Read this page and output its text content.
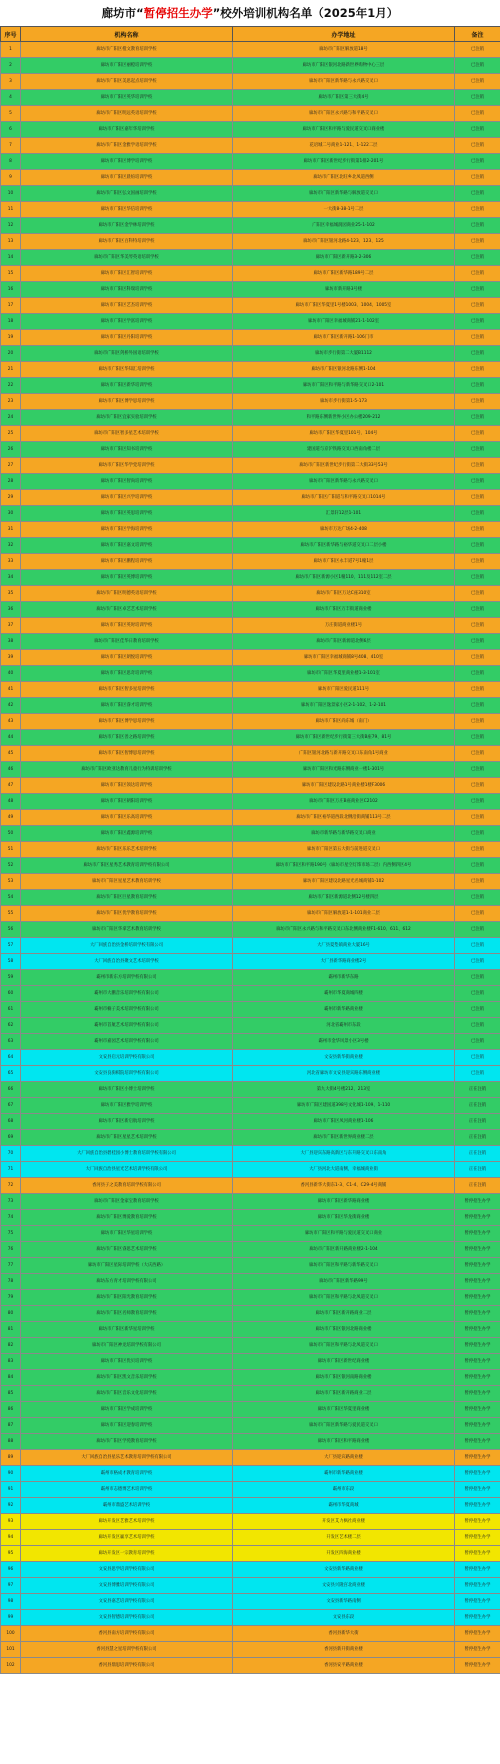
廊坊市“ 暂停招生办学 ”校外培训机构名单（2025年1月）
序号	机构名称	办学地址	备注
1	廊坊市广阳区橙文教育培训学校	廊坊市广阳区解放道18号	已注销
2	廊坊市广阳区丽橙培训学校	廊坊市广阳区银河北路新世界购物中心三层	已注销
3	廊坊市广阳区美思起点培训学校	廊坊市广阳区新华路与永兴路交叉口	已注销
4	廊坊市广阳区英华培训学校	廊坊市广阳区第三大街4号	已注销
5	廊坊市广阳区明远英语培训学校	廊坊市广阳区永兴路与和平路交叉口	已注销
6	廊坊市广阳区嘉年华培训学校	廊坊市广阳区和平路与爱民道交叉口商业楼	已注销
7	廊坊市广阳区金雅学语培训学校	花语城二号商业1-121、1-122二层	已注销
8	廊坊市广阳区博学培训学校	廊坊市广阳区新世纪步行街第1排2-201号	已注销
9	廊坊市广阳区晨煊培训学校	廊坊市广阳区北旺乡北凤道西侧	已注销
10	廊坊市广阳区弘文国画培训学校	廊坊市广阳区新华路与解放道交叉口	已注销
11	廊坊市广阳区华信培训学校	一大街8-38-1号二层	已注销
12	廊坊市广阳区金学林培训学校	广阳区幸福城润园商业25-1-102	已注销
13	廊坊市广阳区百科特培训学校	廊坊市广阳区银河北路4-123、123、125	已注销
14	廊坊市广阳区华美琴英语培训学校	廊坊市广阳区新开路3-2-306	已注销
15	廊坊市广阳区汇智培训学校	廊坊市广阳区新华路189号二层	已注销
16	廊坊市广阳区科瑞培训学校	廊坊市新开路3号楼	已注销
17	廊坊市广阳区艺杰培训学校	廊坊市广阳区华夏里1号楼1003、1004、1005室	已注销
18	廊坊市广阳区学富培训学校	廊坊市广阳区幸福城商铺21-1-102室	已注销
19	廊坊市广阳区丹阳培训学校	廊坊市广阳区新开路1-106门市	已注销
20	廊坊市广阳区剑桥外国语培训学校	廊坊市步行街第二大厦B1112	已注销
21	廊坊市广阳区华知汇培训学校	廊坊市广阳区银河北路东侧1-104	已注销
22	廊坊市广阳区新华培训学校	廊坊市广阳区和平路与新华路交叉口2-101	已注销
23	廊坊市广阳区博学思培训学校	廊坊市步行街第1-5-173	已注销
24	廊坊市广阳区宜家实验培训学校	和平路东侧新世界小区办公楼209-212	已注销
25	廊坊市广阳区智多星艺术培训学校	廊坊市广阳区华夏里101号、104号	已注销
26	廊坊市广阳区知书培训学校	建国道与京沪铁路交叉口西南角楼二层	已注销
27	廊坊市广阳区华学党培训学校	廊坊市广阳区新世纪步行街第二大街33号53号	已注销
28	廊坊市广阳区智尚培训学校	廊坊市广阳区新华路与永兴路交叉口	已注销
29	廊坊市广阳区兴学培训学校	廊坊市广阳区广阳道与和平路交叉口1014号	已注销
30	廊坊市广阳区英思培训学校	汇景轩12层1-101	已注销
31	廊坊市广阳区学海培训学校	廊坊市万达广场4-2-408	已注销
32	廊坊市广阳区嘉文培训学校	廊坊市广阳区新华路与裕华道交叉口二层小楼	已注销
33	廊坊市广阳区鹏程培训学校	廊坊市广阳区永丰道7号1幢1层	已注销
34	廊坊市广阳区英博培训学校	廊坊市广阳区新源小区1幢110、111及112室二层	已注销
35	廊坊市广阳区明德英语培训学校	廊坊市广阳区万达C座310室	已注销
36	廊坊市广阳区卓艺艺术培训学校	廊坊市广阳区万丰街道商业楼	已注销
37	廊坊市广阳区英时培训学校	万庄街道商业楼1号	已注销
38	廊坊市广阳区佳华日教育培训学校	廊坊市广阳区新源道北侧6层	已注销
39	廊坊市广阳区朗悦培训学校	廊坊市广阳区幸福城商铺8号408、410室	已注销
40	廊坊市广阳区思奇培训学校	廊坊市广阳区华夏里商业楼1-3-101室	已注销
41	廊坊市广阳区智多星培训学校	廊坊市广阳区爱民道111号	已注销
42	廊坊市广阳区睿才培训学校	廊坊市广阳区逸景家小区2-1-102、1-2-101	已注销
43	廊坊市广阳区博学思培训学校	廊坊市广阳区尚东城（南门）	已注销
44	廊坊市广阳区善之路培训学校	廊坊市广阳区新世纪步行街第三大街B座79、81号	已注销
45	廊坊市广阳区智博思培训学校	广阳区银河北路与新开路交叉口东南角1号商业	已注销
46	廊坊市广阳区欧亚达教育儿童行为特训培训学校	廊坊市广阳区和光路东侧商业一楼1-301号	已注销
47	廊坊市广阳区领达培训学校	廊坊市广阳区建设北路1号商业楼1楼F3006	已注销
48	廊坊市广阳区朝阳培训学校	廊坊市广阳区万庄B座商业区C2102	已注销
49	廊坊市广阳区乐高培训学校	廊坊市广阳区裕华道西段北侧沿街商铺113号二层	已注销
50	廊坊市广阳区鑫源培训学校	廊坊市新华路与新华路交叉口商业	已注销
51	廊坊市广阳区乐乐艺术培训学校	廊坊市广阳区第五大街与前进道交叉口	已注销
52	廊坊市广阳区星秀艺术教育培训学校有限公司	廊坊市广阳区和平路190号（廊坊市星空灯饰市场二层）内西侧四区4号	已注销
53	廊坊市广阳区星星艺术教育培训学校	廊坊市广阳区建设北路星光名城商铺1-102	已注销
54	廊坊市广阳区巨星教育培训学校	廊坊市广阳区新源道北侧12号楼四层	已注销
55	廊坊市广阳区优学教育培训学校	廊坊市广阳区解放道1-1-101商业二层	已注销
56	廊坊市广阳区华拿艺术教育培训学校	廊坊市广阳区永兴路与和平路交叉口东北侧商业楼F1-610、611、612	已注销
57	大厂回族自治县金桥培训学校有限公司	大厂县夏垫镇商业大厦16号	已注销
58	大厂回族自治县聚文艺术培训学校	大厂县新华路商业楼2号	已注销
59	霸州市新东方培训学校有限公司	霸州市新华东路	已注销
60	霸州市大鹏音乐培训学校有限公司	霸州市华夏商城四楼	已注销
61	霸州市楠子美术培训学校有限公司	霸州市新华路商业楼	已注销
62	霸州市首航艺术培训学校有限公司	河北省霸州市东段	已注销
63	霸州市嘉园艺术培训学校有限公司	霸州市金华风景小区3号楼	已注销
64	文安县启元培训学校有限公司	文安县新华街商业楼	已注销
65	文安县良驹棋院培训学校有限公司	河北省廊坊市文安县迎宾路东侧商业楼	已注销
66	廊坊市广阳区小博士培训学校	第九大街4号楼212、213室	正在注销
67	廊坊市广阳区雅学培训学校	廊坊市广阳区建国道398号文化城1-109、1-110	正在注销
68	廊坊市广阳区新启航培训学校	廊坊市广阳区凤河商业楼1-106	正在注销
69	廊坊市广阳区星星艺术培训学校	廊坊市广阳区新世界商业楼二层	正在注销
70	大厂回族自治县碧桂园小博士教育培训学校有限公司	大厂县迎宾东路高新区与东升路交叉口东南角	正在注销
71	大厂回族自治县星光艺术培训学校有限公司	大厂县河北大道南侧，幸福城商业街	正在注销
72	香河县子之美教育培训学校有限公司	香河县新华大街东1-3、C1-4、C29-4号商铺	正在注销
73	廊坊市广阳区金家宝教育培训学校	廊坊市广阳区新华路商业楼	暂停招生办学
74	廊坊市广阳区博爱教育培训学校	廊坊市广阳区华龙街商业楼	暂停招生办学
75	廊坊市广阳区华星培训学校	廊坊市广阳区和平路与爱民道交叉口商业	暂停招生办学
76	廊坊市广阳区睿思艺术培训学校	廊坊市广阳区新开路商业楼2-1-104	暂停招生办学
77	廊坊市广阳区星际培训学校（大庆西路）	廊坊市广阳区和平路与新华路交叉口	暂停招生办学
78	廊坊东方青才培训学校有限公司	廊坊市广阳区新华路99号	暂停招生办学
79	廊坊市广阳区阳光教育培训学校	廊坊市广阳区和平路与北凤道交叉口	暂停招生办学
80	廊坊市广阳区名师教育培训学校	廊坊市广阳区新开路商业二层	暂停招生办学
81	廊坊市广阳区新华星培训学校	廊坊市广阳区银河北路商业楼	暂停招生办学
82	廊坊市广阳区神龙培训学校有限公司	廊坊市广阳区和平路与北凤道交叉口	暂停招生办学
83	廊坊市广阳区优贝培训学校	廊坊市广阳区新世纪商业楼	暂停招生办学
84	廊坊市广阳区凯文音乐培训学校	廊坊市广阳区银河南路商业楼	暂停招生办学
85	廊坊市广阳区音乐文化培训学校	廊坊市广阳区新开路商业二层	暂停招生办学
86	廊坊市广阳区学成培训学校	廊坊市广阳区华夏里商业楼	暂停招生办学
87	廊坊市广阳区迎春培训学校	廊坊市广阳区新华路与爱民道交叉口	暂停招生办学
88	廊坊市广阳区学苑教育培训学校	廊坊市广阳区和平路商业楼	暂停招生办学
89	大厂回族自治县星乐艺术教育培训学校有限公司	大厂县迎宾路商业楼	暂停招生办学
90	霸州市格成才教育培训学校	霸州市新华路商业楼	暂停招生办学
91	霸州市志德博艺术培训学校	霸州市东段	暂停招生办学
92	霸州市鼎盛艺术培训学校	霸州市华夏商城	暂停招生办学
93	廊坊开发区艺雅艺术培训学校	开发区艾力枫社商业楼	暂停招生办学
94	廊坊开发区赢享艺术培训学校	开发区艺术楼二层	暂停招生办学
95	廊坊开发区一宗教育培训学校	开发区四海商业楼	暂停招生办学
96	文安县思学培训学校有限公司	文安县新华路商业楼	暂停招生办学
97	文安县博雅培训学校有限公司	文安县兴隆宫北商业楼	暂停招生办学
98	文安县嘉艺培训学校有限公司	文安县新华路南侧	暂停招生办学
99	文安县智德培训学校有限公司	文安县东段	暂停招生办学
100	香河县南方培训学校有限公司	香河县新华大街	暂停招生办学
101	香河县慧之星培训学校有限公司	香河县新开街商业楼	暂停招生办学
102	香河县鼎思培训学校有限公司	香河县安平路商业楼	暂停招生办学
